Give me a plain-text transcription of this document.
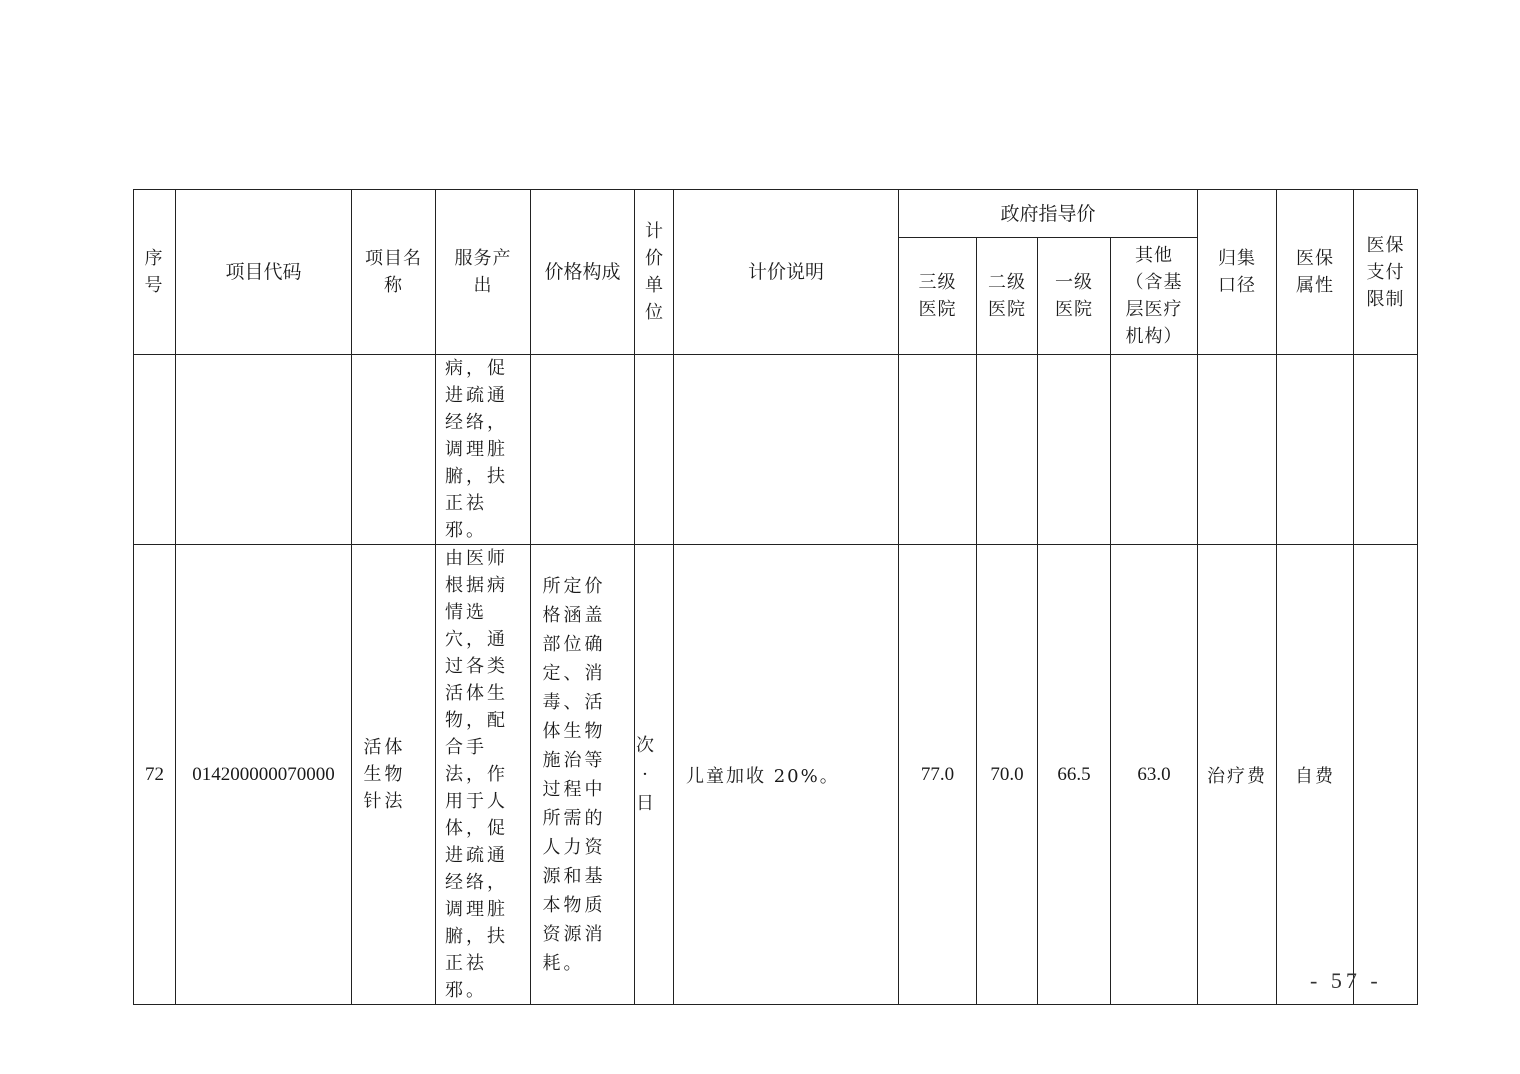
序号	项目代码	项目名称	服务产出	价格构成	计价单位	计价说明	政府指导价				归集口径	医保属性	医保支付限制
							三级医院	二级医院	一级医院	其他（含基层医疗机构）			
			病，促进疏通经络，调理脏腑，扶正祛邪。										
72	014200000070000	活体生物针法	由医师根据病情选穴，通过各类活体生物，配合手法，作用于人体，促进疏通经络，调理脏腑，扶正祛邪。	所定价格涵盖部位确定、消毒、活体生物施治等过程中所需的人力资源和基本物质资源消耗。	次·日	儿童加收 20%。	77.0	70.0	66.5	63.0	治疗费	自费	
- 57 -
